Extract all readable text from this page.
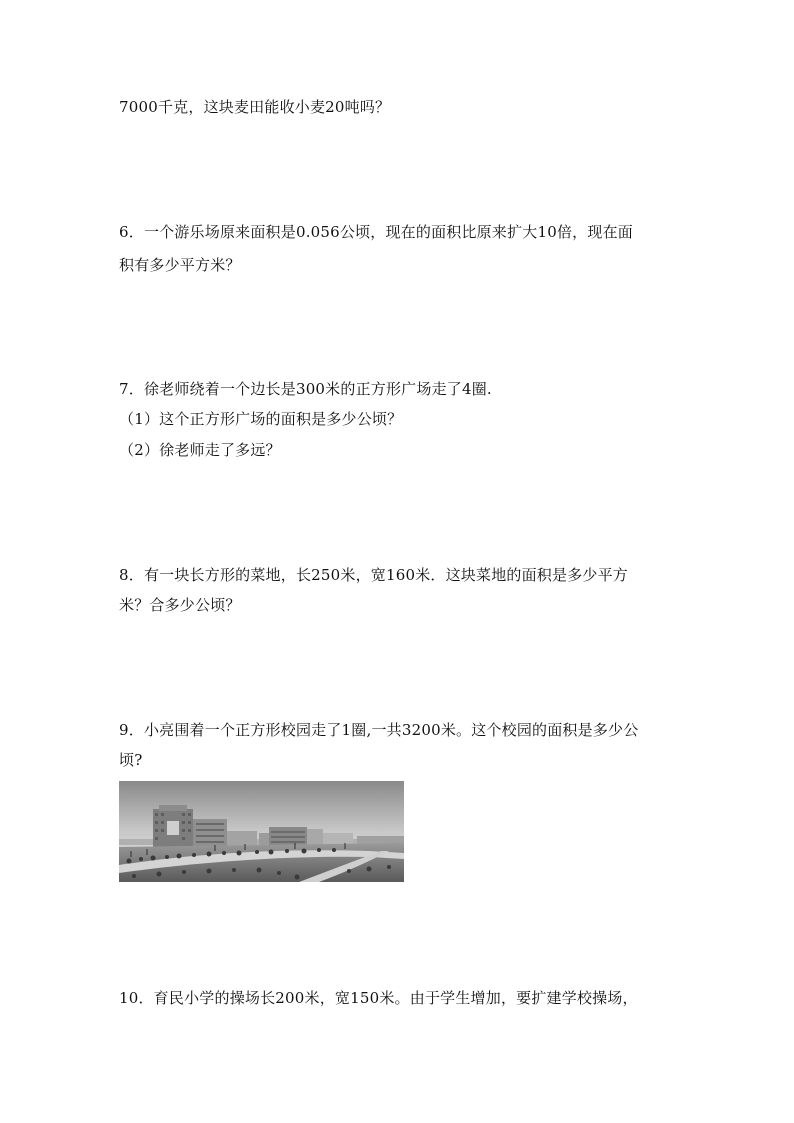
7000千克，这块麦田能收小麦20吨吗？
6．一个游乐场原来面积是0.056公顷，现在的面积比原来扩大10倍，现在面
积有多少平方米？
7．徐老师绕着一个边长是300米的正方形广场走了4圈.
（1）这个正方形广场的面积是多少公顷？
（2）徐老师走了多远？
8．有一块长方形的菜地，长250米，宽160米．这块菜地的面积是多少平方
米？合多少公顷？
9．小亮围着一个正方形校园走了1圈,一共3200米。这个校园的面积是多少公
顷?
10．育民小学的操场长200米，宽150米。由于学生增加，要扩建学校操场，
